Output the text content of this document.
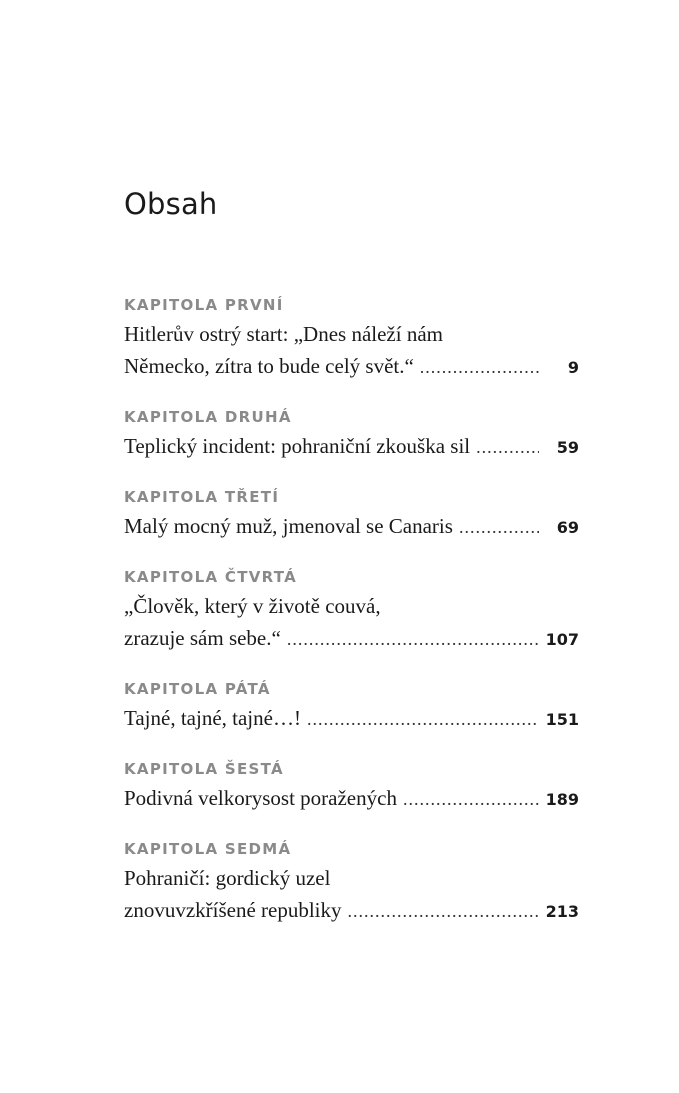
Obsah
KAPITOLA PRVNÍ
Hitlerův ostrý start: „Dnes náleží nám
Německo, zítra to bude celý svět.“ .....	9
KAPITOLA DRUHÁ
Teplický incident: pohraniční zkouška sil .....	59
KAPITOLA TŘETÍ
Malý mocný muž, jmenoval se Canaris .....	69
KAPITOLA ČTVRTÁ
„Člověk, který v životě couvá,
zrazuje sám sebe.“ .....	107
KAPITOLA PÁTÁ
Tajné, tajné, tajné…! .....	151
KAPITOLA ŠESTÁ
Podivná velkorysost poražených .....	189
KAPITOLA SEDMÁ
Pohraničí: gordický uzel
znovuvzkříšené republiky .....	213
